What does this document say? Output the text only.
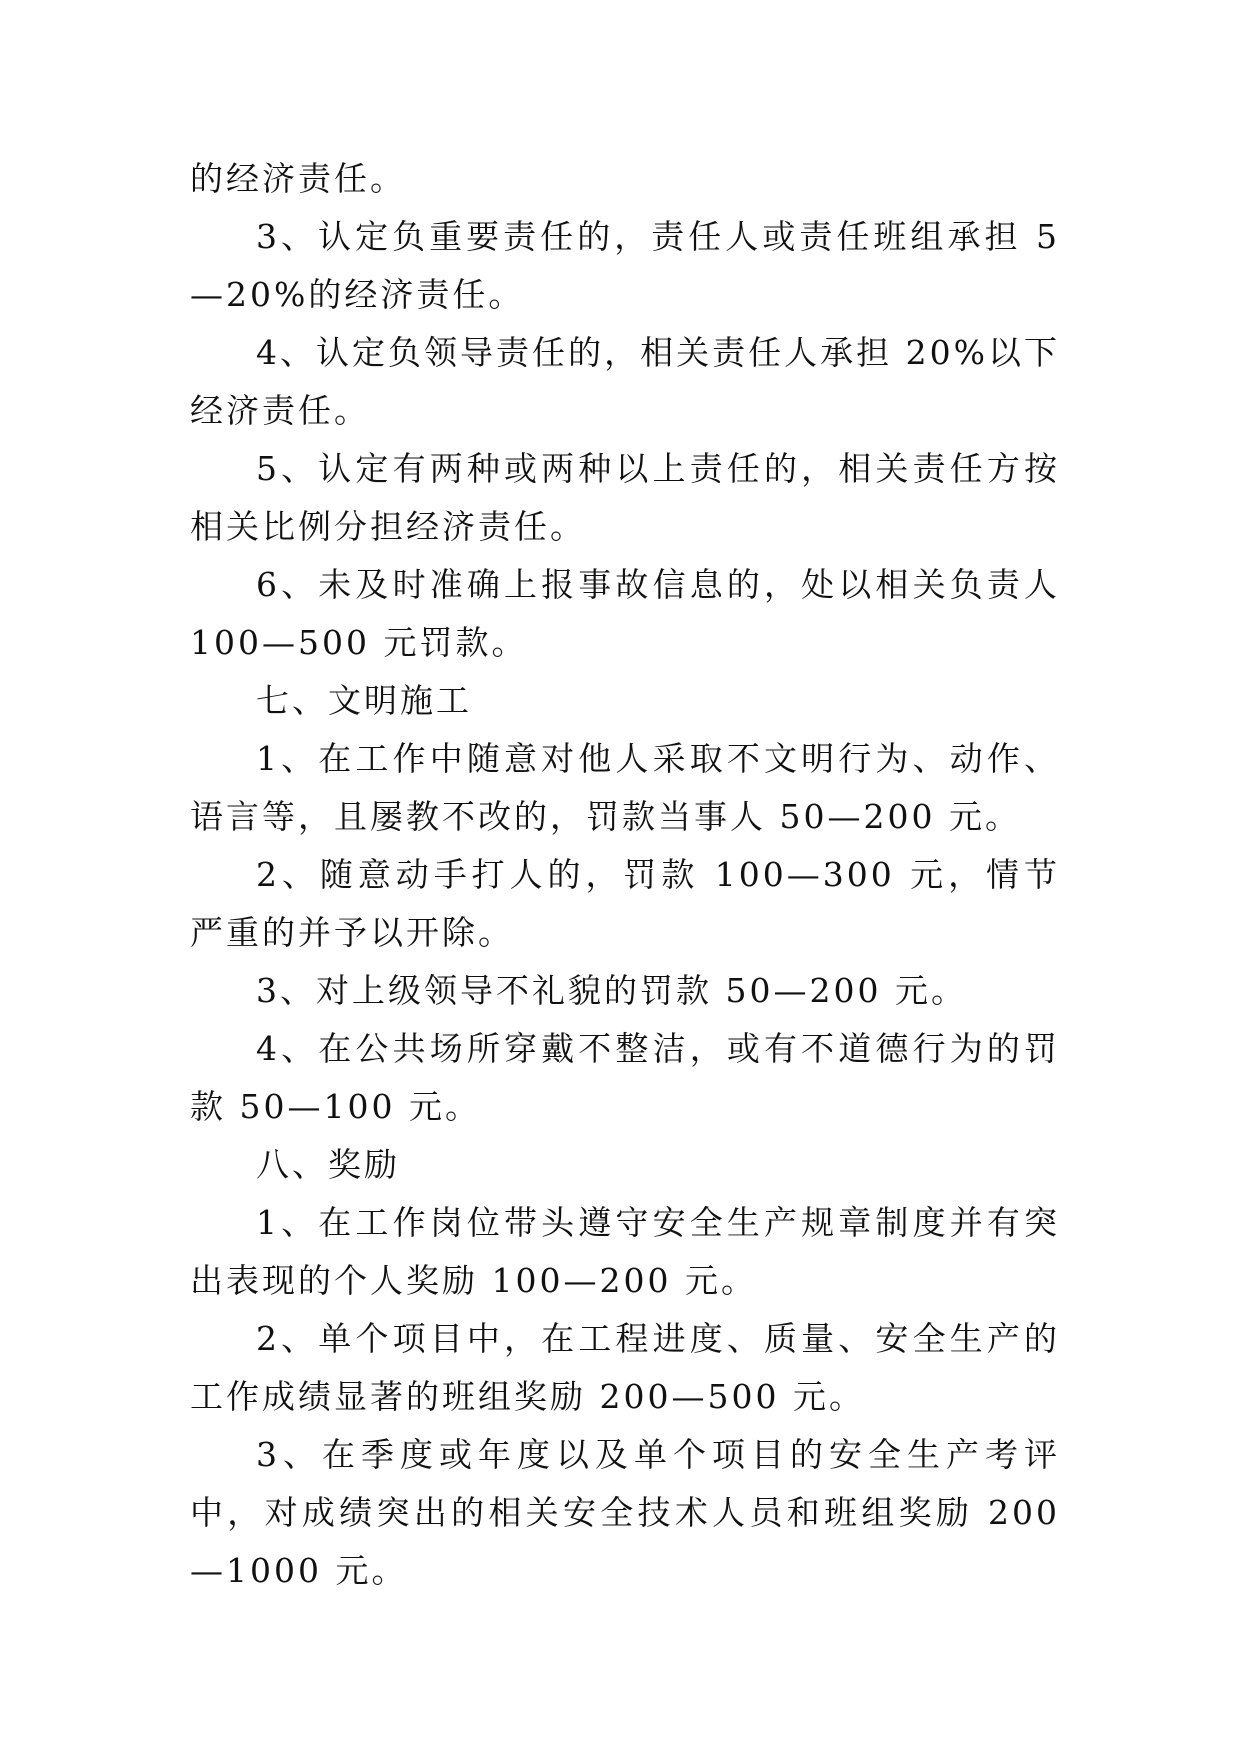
的经济责任。

3、认定负重要责任的，责任人或责任班组承担 5—20%的经济责任。

4、认定负领导责任的，相关责任人承担 20%以下经济责任。

5、认定有两种或两种以上责任的，相关责任方按相关比例分担经济责任。

6、未及时准确上报事故信息的，处以相关负责人 100—500 元罚款。

七、文明施工

1、在工作中随意对他人采取不文明行为、动作、语言等，且屡教不改的，罚款当事人 50—200 元。

2、随意动手打人的，罚款 100—300 元，情节严重的并予以开除。

3、对上级领导不礼貌的罚款 50—200 元。

4、在公共场所穿戴不整洁，或有不道德行为的罚款 50—100 元。

八、奖励

1、在工作岗位带头遵守安全生产规章制度并有突出表现的个人奖励 100—200 元。

2、单个项目中，在工程进度、质量、安全生产的工作成绩显著的班组奖励 200—500 元。

3、在季度或年度以及单个项目的安全生产考评中，对成绩突出的相关安全技术人员和班组奖励 200—1000 元。
